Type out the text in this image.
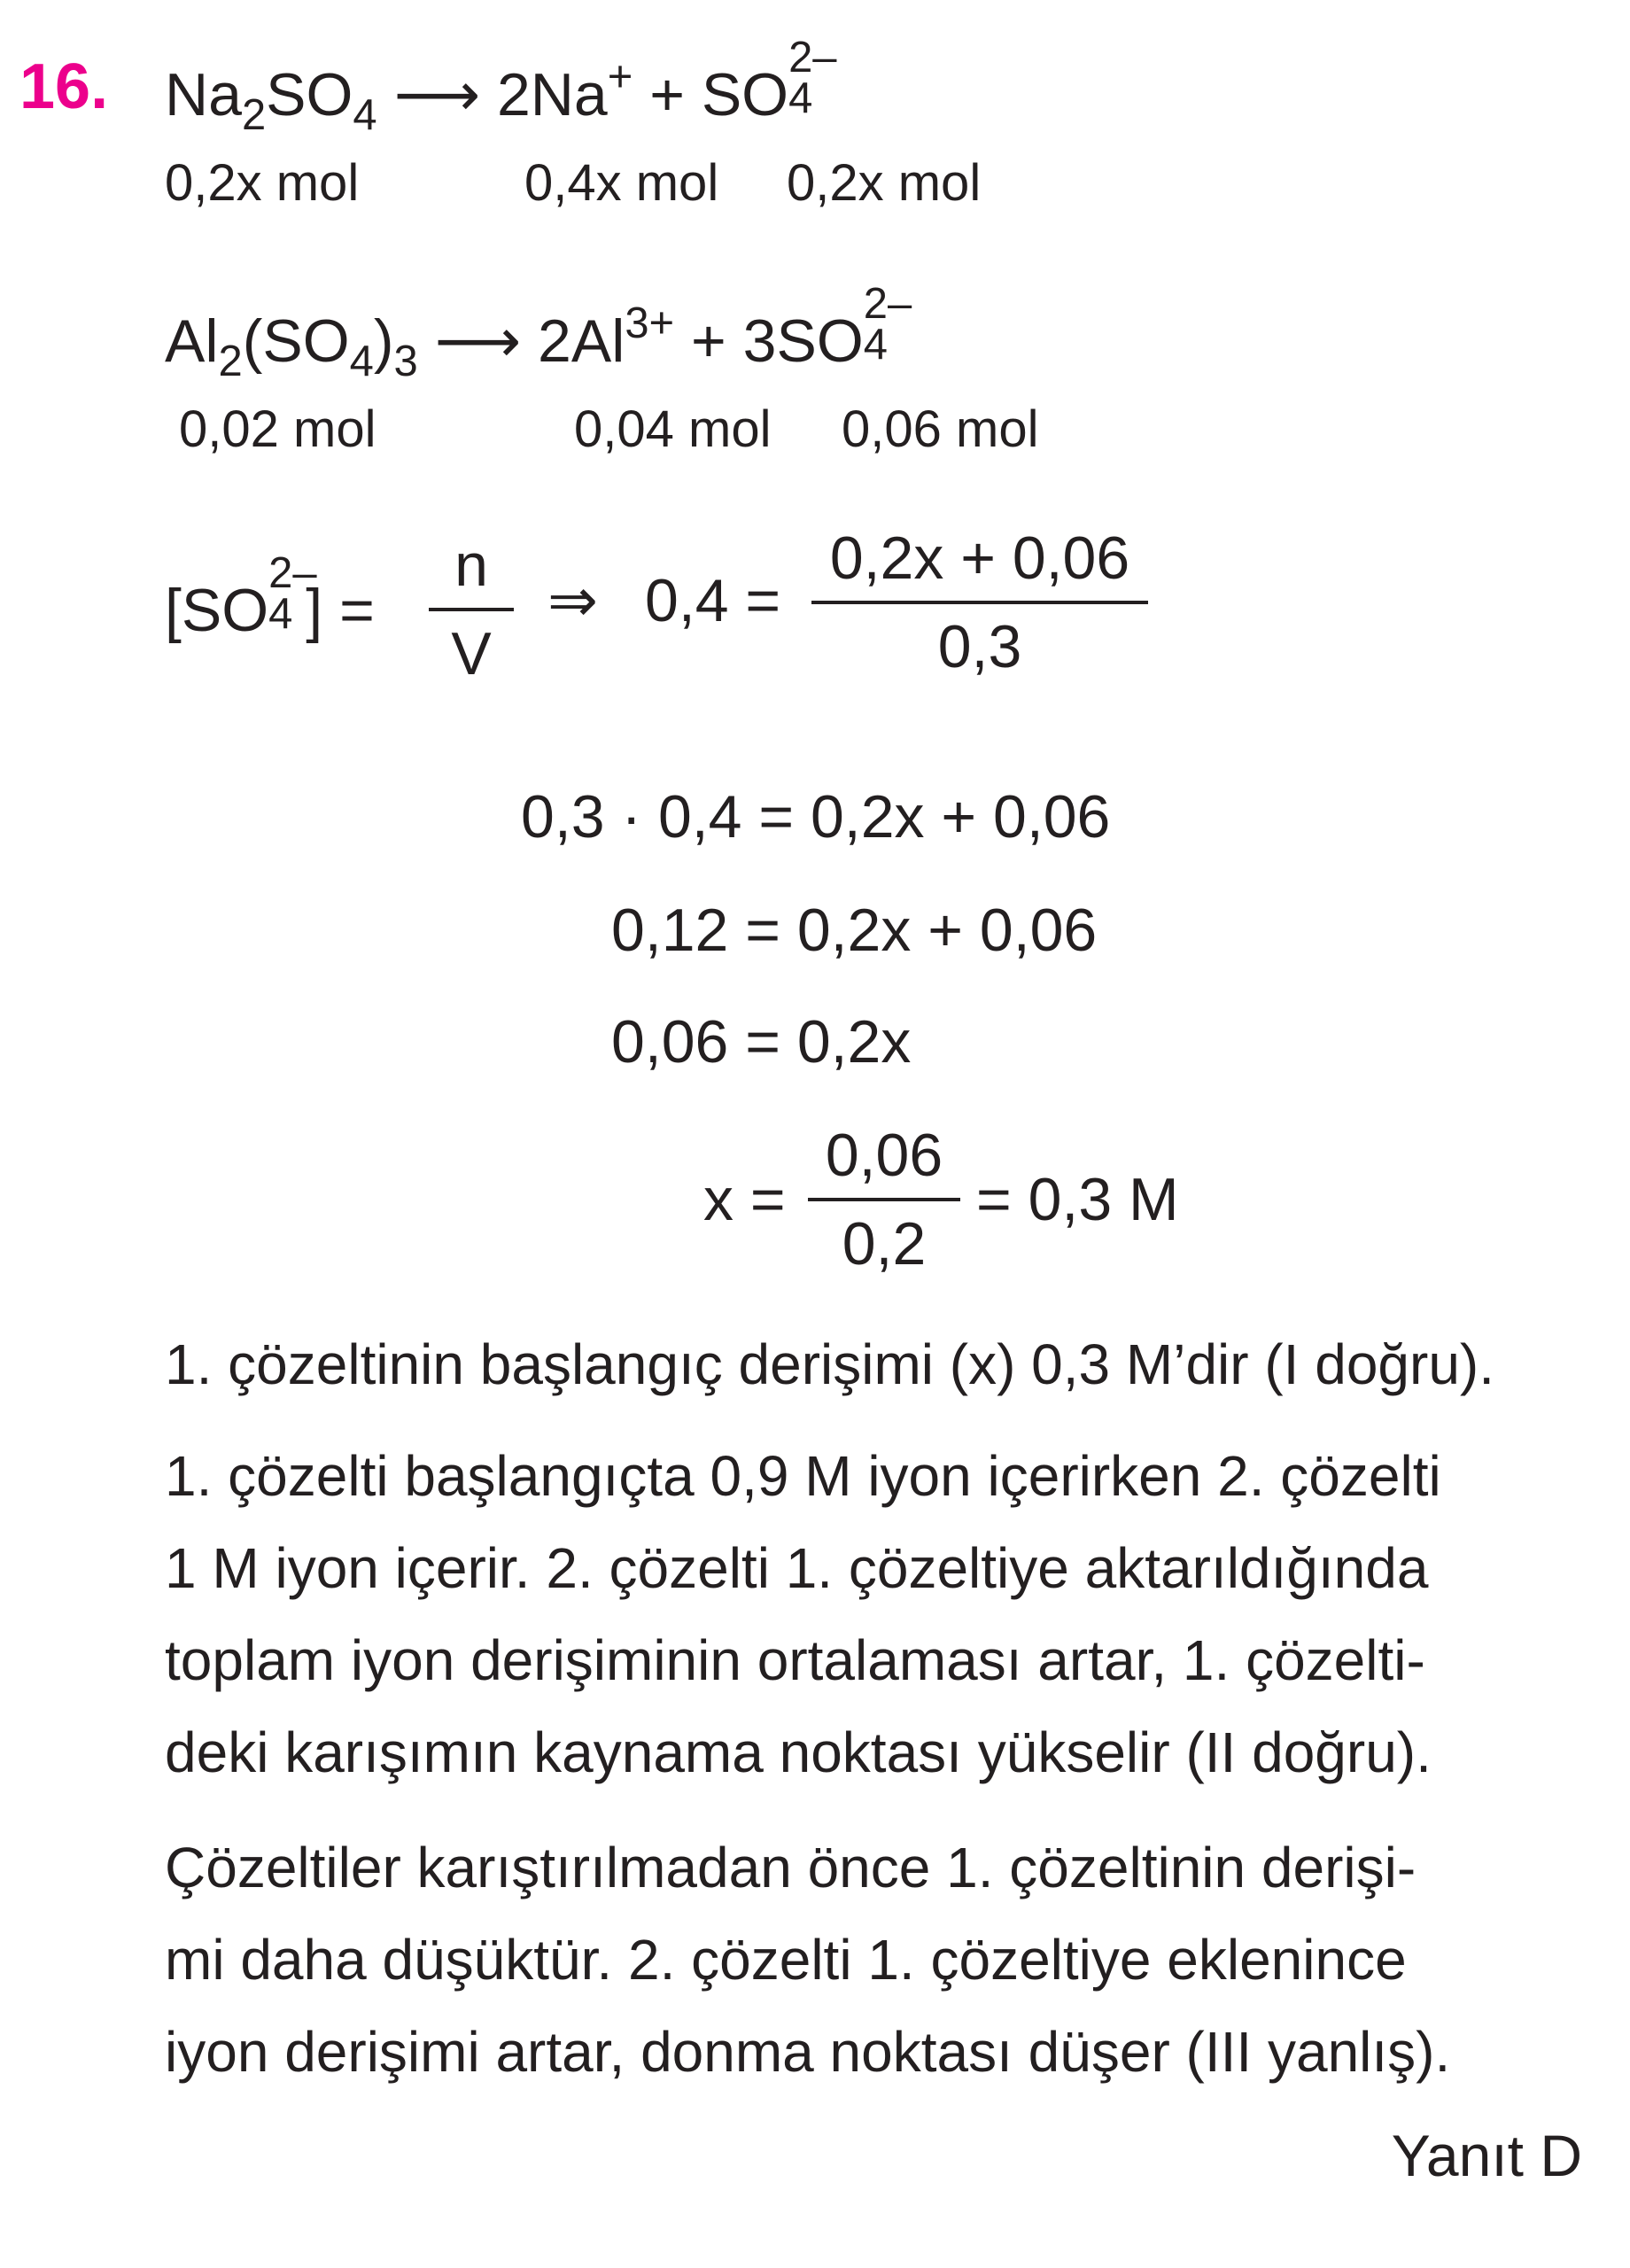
16. $Na_2SO_4$ ⟶ 2Na+ + SO
2–
4
0,2x mol	0,4x mol 0,2x mol
$Al_2(SO_4)_3$ ⟶ $2Al^{3+} + 3SO$
2–
4
0,02 mol	0,04 mol 0,06 mol
[SO
2–
4 ] =
n
V
⇒ 0,4 =
0,2x + 0,06
0,3
0,3 · 0,4 = 0,2x + 0,06
0,12 = 0,2x + 0,06
0,06 = 0,2x
x =
0,06
0,2
= 0,3 M
1. çözeltinin başlangıç derişimi (x) 0,3 M’dir (I doğru).
1. çözelti başlangıçta 0,9 M iyon içerirken 2. çözelti
1 M iyon içerir. 2. çözelti 1. çözeltiye aktarıldığında
toplam iyon derişiminin ortalaması artar, 1. çözelti-
deki karışımın kaynama noktası yükselir (II doğru).
Çözeltiler karıştırılmadan önce 1. çözeltinin derişi-
mi daha düşüktür. 2. çözelti 1. çözeltiye eklenince
iyon derişimi artar, donma noktası düşer (III yanlış).
Yanıt D
